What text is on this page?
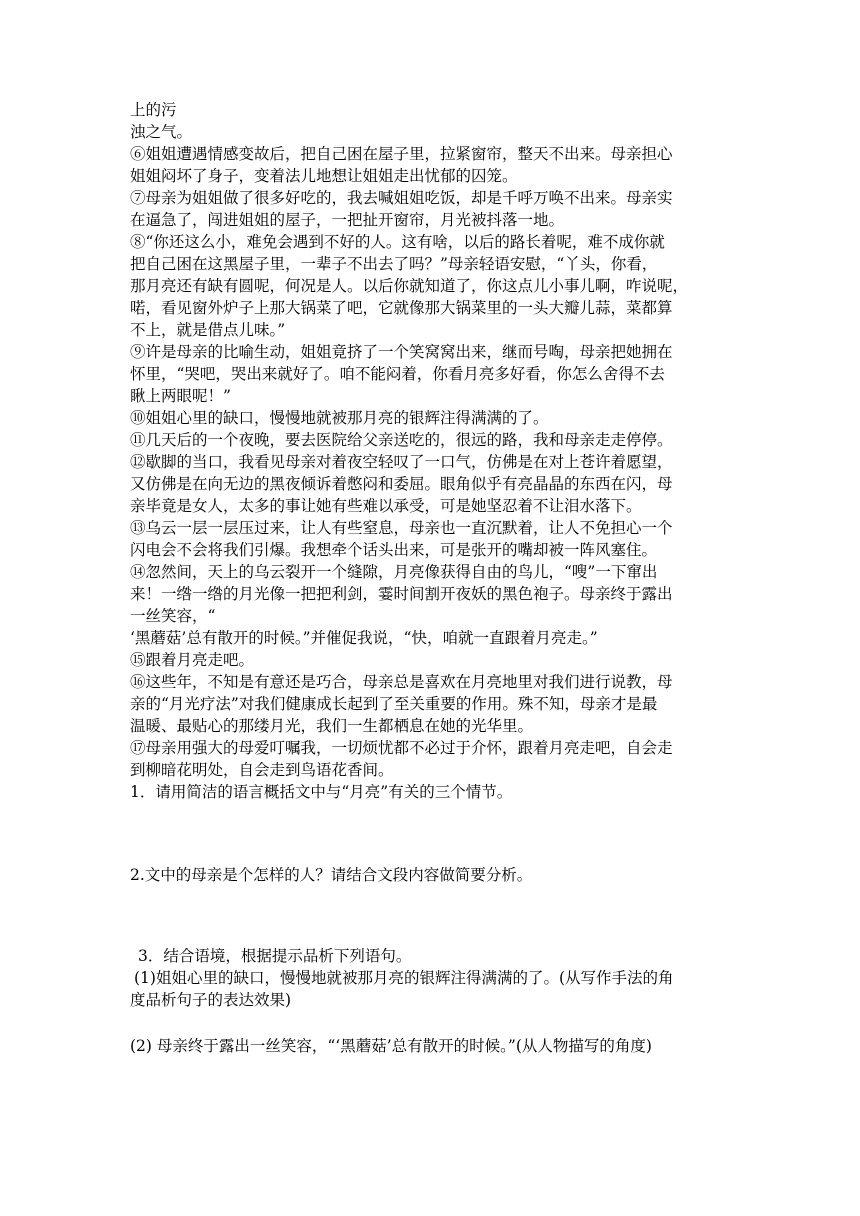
上的污
浊之气。
⑥姐姐遭遇情感变故后，把自己困在屋子里，拉紧窗帘，整天不出来。母亲担心
姐姐闷坏了身子，变着法儿地想让姐姐走出忧郁的囚笼。
⑦母亲为姐姐做了很多好吃的，我去喊姐姐吃饭，却是千呼万唤不出来。母亲实
在逼急了，闯进姐姐的屋子，一把扯开窗帘，月光被抖落一地。
⑧“你还这么小，难免会遇到不好的人。这有啥，以后的路长着呢，难不成你就
把自己困在这黑屋子里，一辈子不出去了吗？”母亲轻语安慰，“丫头，你看，
那月亮还有缺有圆呢，何况是人。以后你就知道了，你这点儿小事儿啊，咋说呢，
喏，看见窗外炉子上那大锅菜了吧，它就像那大锅菜里的一头大瓣儿蒜，菜都算
不上，就是借点儿味。”
⑨许是母亲的比喻生动，姐姐竟挤了一个笑窝窝出来，继而号啕，母亲把她拥在
怀里，“哭吧，哭出来就好了。咱不能闷着，你看月亮多好看，你怎么舍得不去
瞅上两眼呢！”
⑩姐姐心里的缺口，慢慢地就被那月亮的银辉注得满满的了。
⑪几天后的一个夜晚，要去医院给父亲送吃的，很远的路，我和母亲走走停停。
⑫歇脚的当口，我看见母亲对着夜空轻叹了一口气，仿佛是在对上苍许着愿望，
又仿佛是在向无边的黑夜倾诉着憋闷和委屈。眼角似乎有亮晶晶的东西在闪，母
亲毕竟是女人，太多的事让她有些难以承受，可是她坚忍着不让泪水落下。
⑬乌云一层一层压过来，让人有些窒息，母亲也一直沉默着，让人不免担心一个
闪电会不会将我们引爆。我想牵个话头出来，可是张开的嘴却被一阵风塞住。
⑭忽然间，天上的乌云裂开一个缝隙，月亮像获得自由的鸟儿，“嗖”一下窜出
来！一绺一绺的月光像一把把利剑，霎时间割开夜妖的黑色袍子。母亲终于露出
一丝笑容，“
‘黑蘑菇’总有散开的时候。”并催促我说，“快，咱就一直跟着月亮走。”
⑮跟着月亮走吧。
⑯这些年，不知是有意还是巧合，母亲总是喜欢在月亮地里对我们进行说教，母
亲的“月光疗法”对我们健康成长起到了至关重要的作用。殊不知，母亲才是最
温暖、最贴心的那缕月光，我们一生都栖息在她的光华里。
⑰母亲用强大的母爱叮嘱我，一切烦忧都不必过于介怀，跟着月亮走吧，自会走
到柳暗花明处，自会走到鸟语花香间。
1．请用简洁的语言概括文中与“月亮”有关的三个情节。
2.文中的母亲是个怎样的人？请结合文段内容做简要分析。
3．结合语境，根据提示品析下列语句。
(1)姐姐心里的缺口，慢慢地就被那月亮的银辉注得满满的了。(从写作手法的角
度品析句子的表达效果)
(2) 母亲终于露出一丝笑容，“‘黑蘑菇’总有散开的时候。”(从人物描写的角度)
